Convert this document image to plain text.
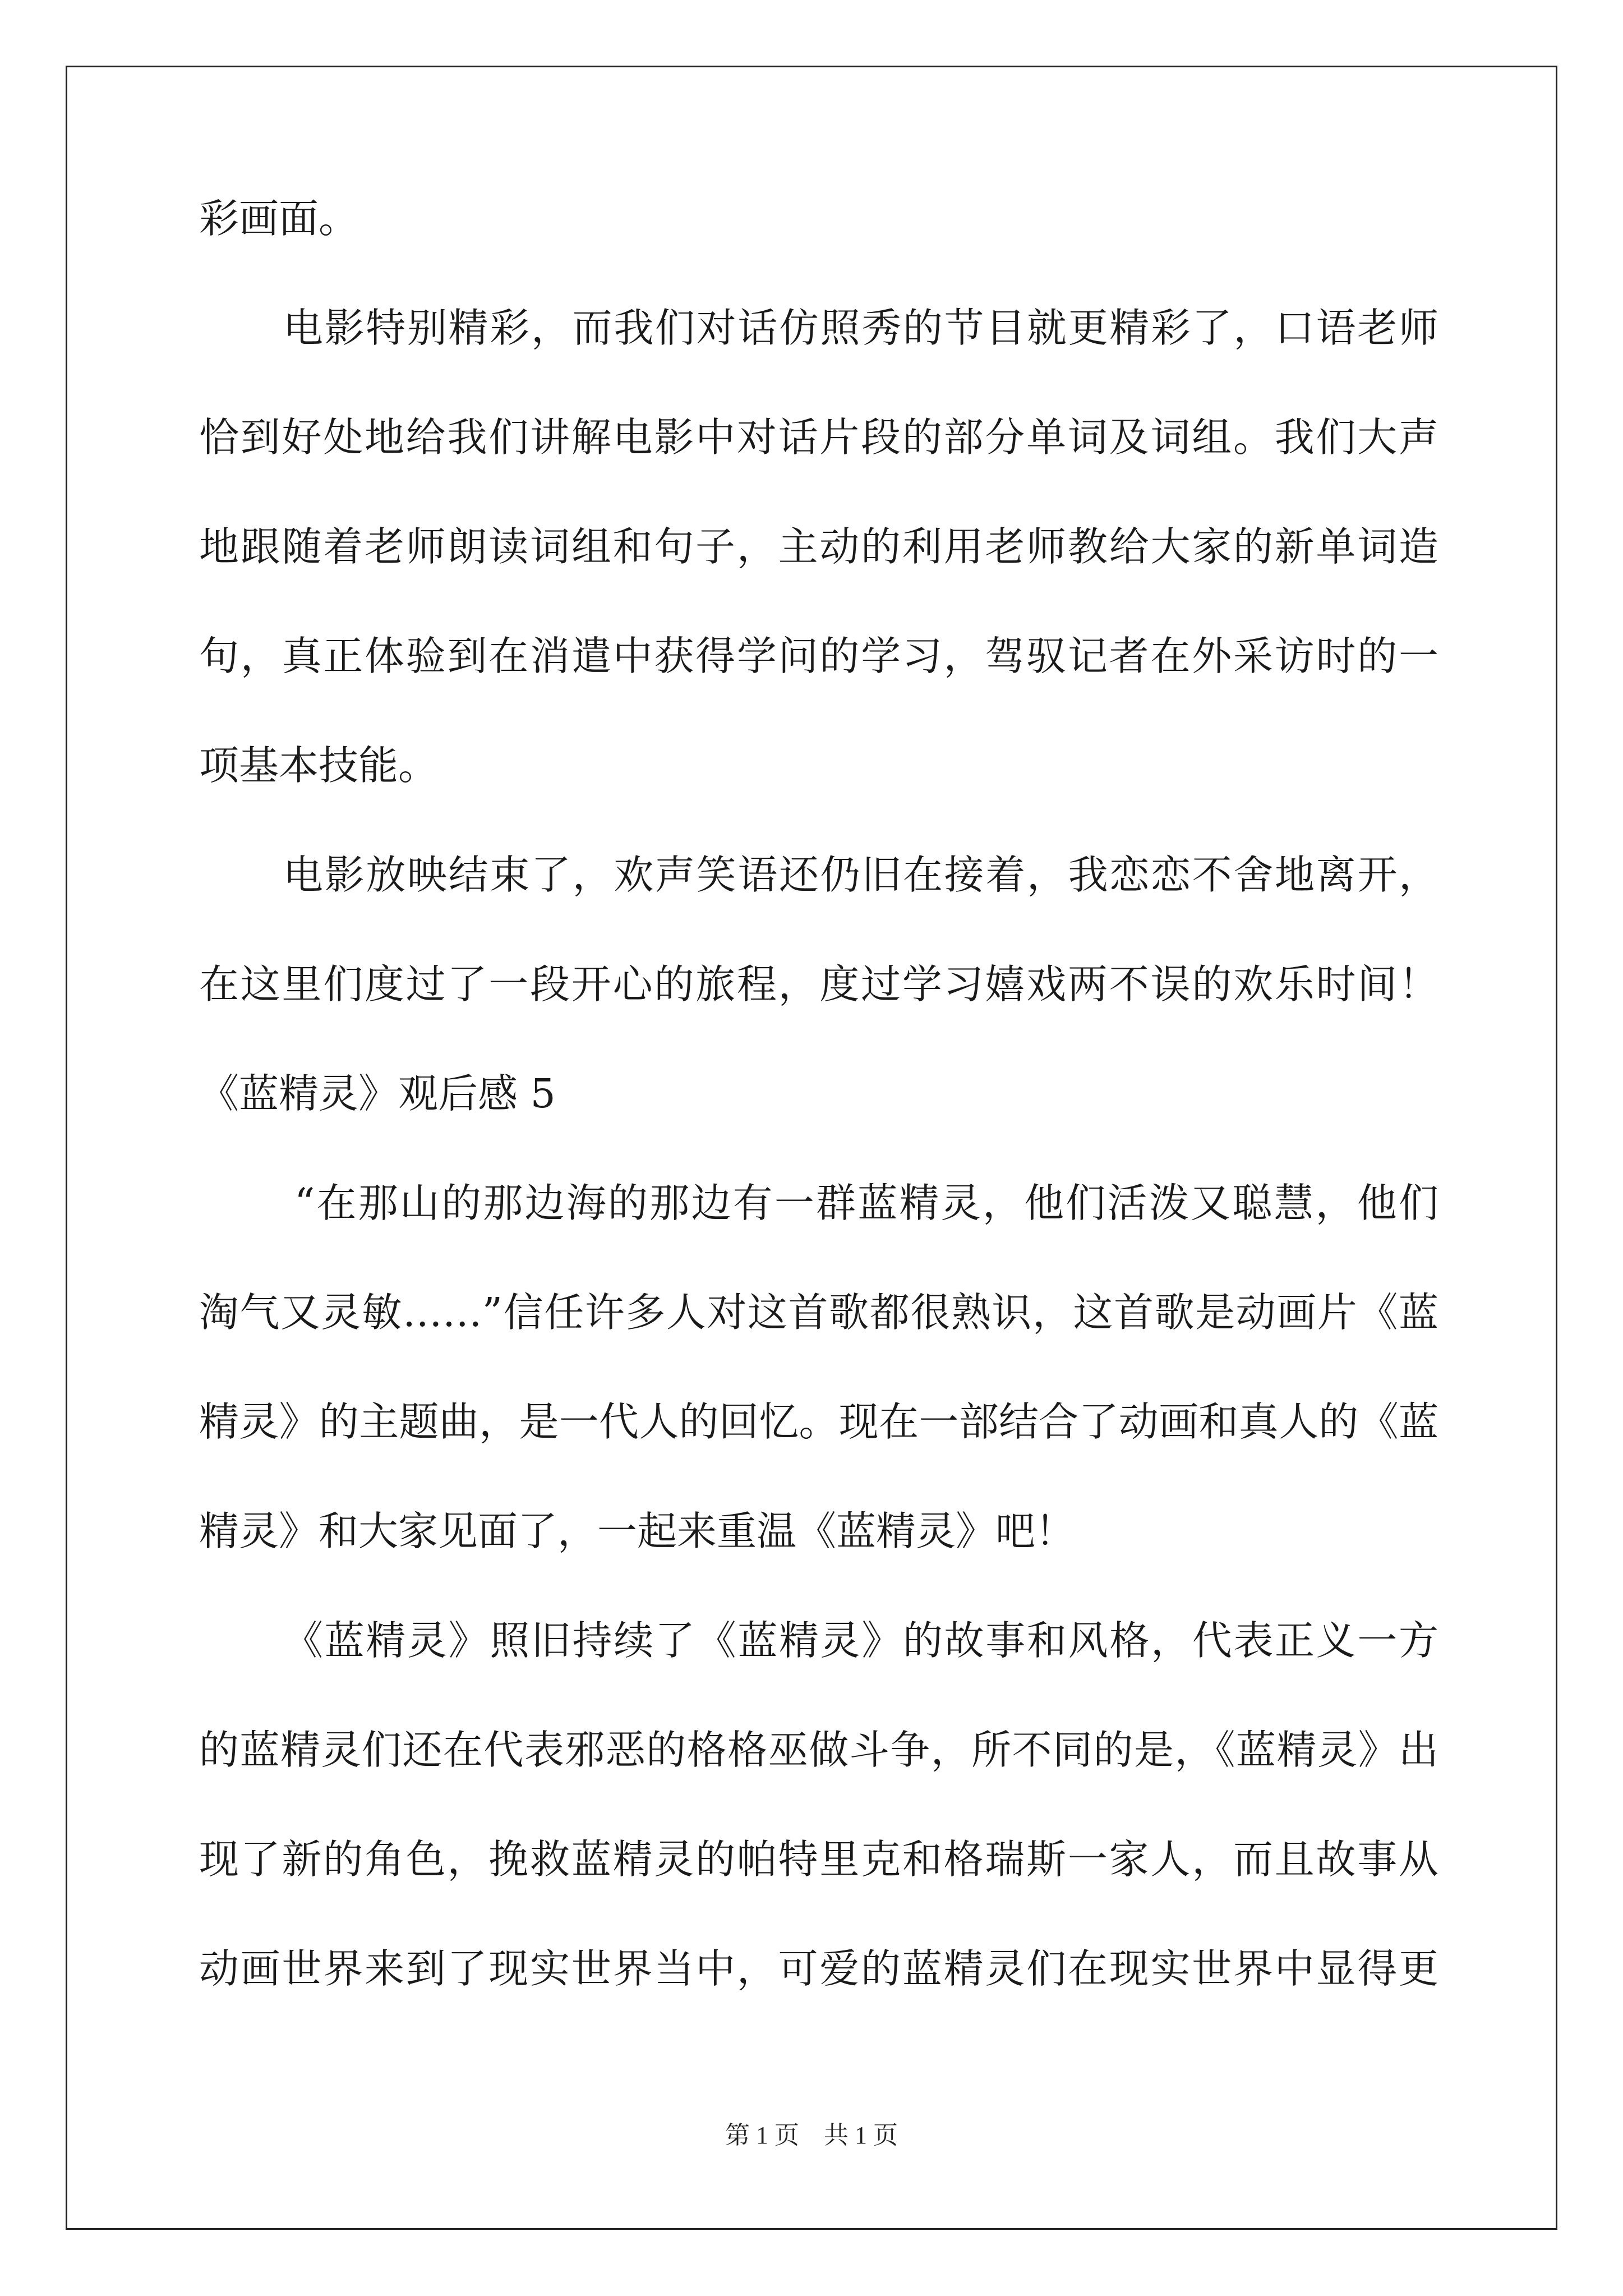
彩画面。
电影特别精彩，而我们对话仿照秀的节目就更精彩了，口语老师
恰到好处地给我们讲解电影中对话片段的部分单词及词组。我们大声
地跟随着老师朗读词组和句子，主动的利用老师教给大家的新单词造
句，真正体验到在消遣中获得学问的学习，驾驭记者在外采访时的一
项基本技能。
电影放映结束了，欢声笑语还仍旧在接着，我恋恋不舍地离开，
在这里们度过了一段开心的旅程，度过学习嬉戏两不误的欢乐时间！
《蓝精灵》观后感 5
“在那山的那边海的那边有一群蓝精灵，他们活泼又聪慧，他们
淘气又灵敏……”信任许多人对这首歌都很熟识，这首歌是动画片《蓝
精灵》的主题曲，是一代人的回忆。现在一部结合了动画和真人的《蓝
精灵》和大家见面了，一起来重温《蓝精灵》吧！
《蓝精灵》照旧持续了《蓝精灵》的故事和风格，代表正义一方
的蓝精灵们还在代表邪恶的格格巫做斗争，所不同的是，《蓝精灵》出
现了新的角色，挽救蓝精灵的帕特里克和格瑞斯一家人，而且故事从
动画世界来到了现实世界当中，可爱的蓝精灵们在现实世界中显得更
第 1 页　共 1 页
